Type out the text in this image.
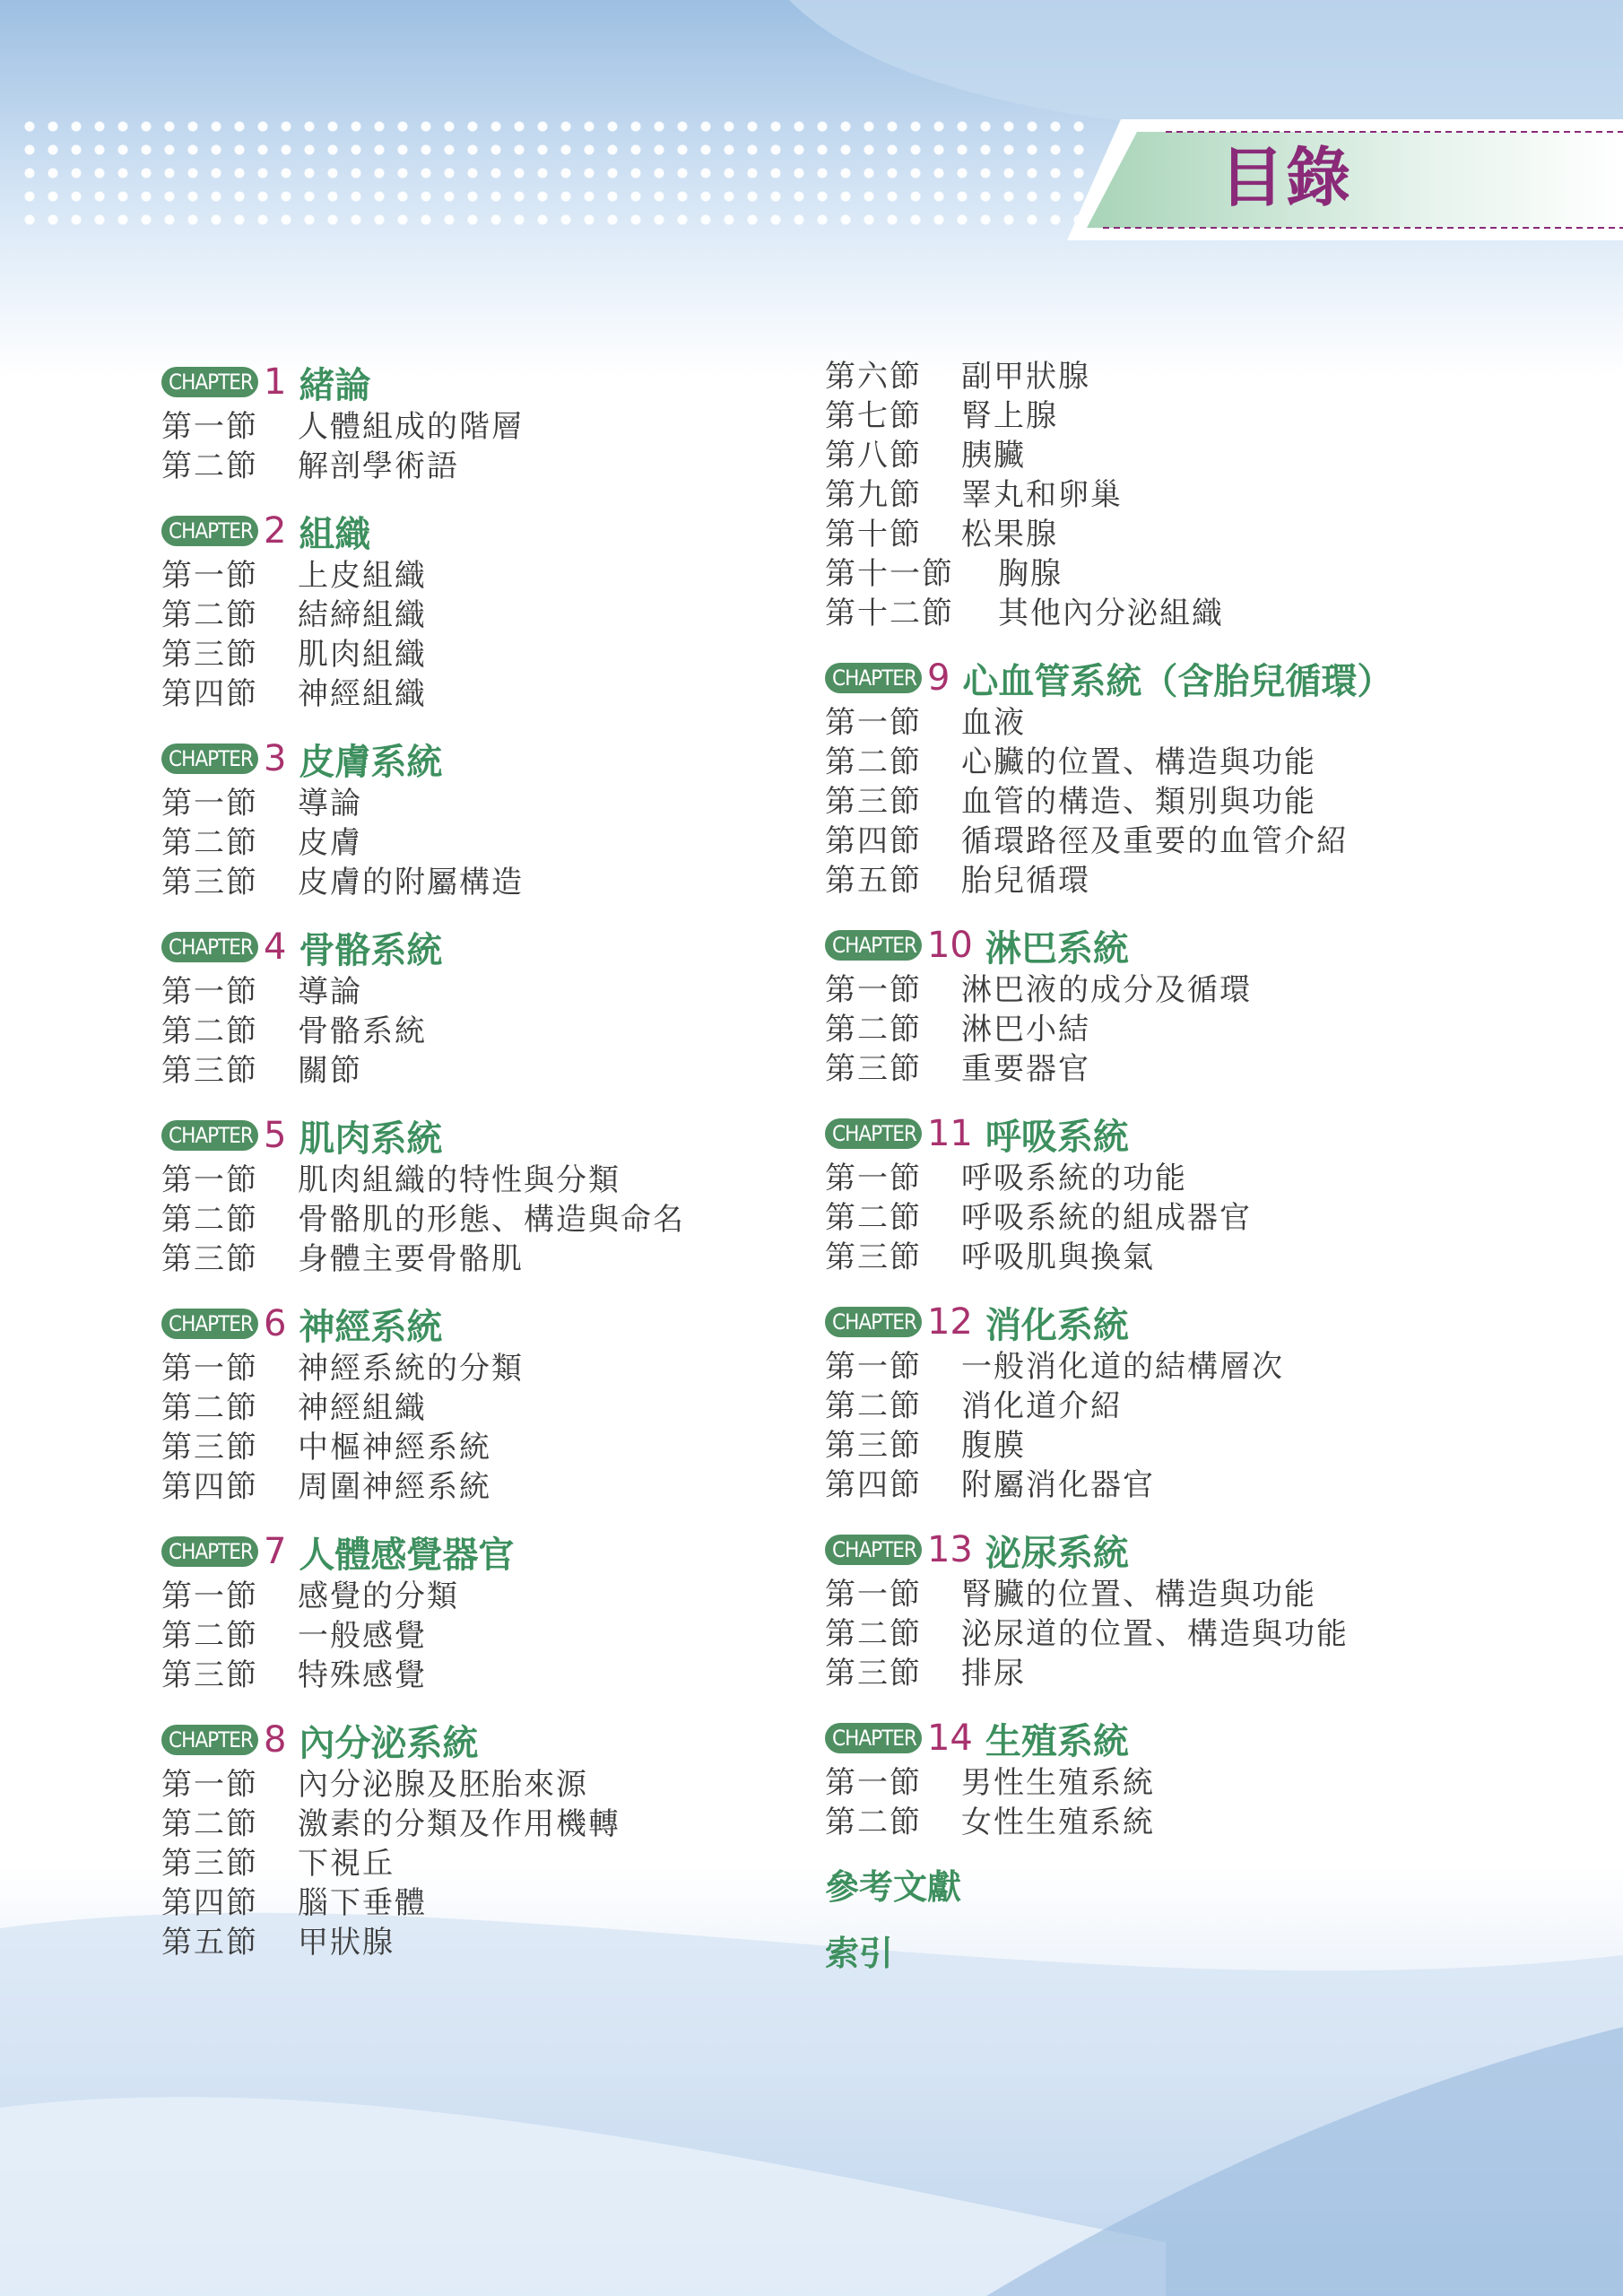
目錄
CHAPTER 1 緒論
第一節	人體組成的階層
第二節	解剖學術語
CHAPTER 2 組織
第一節	上皮組織
第二節	結締組織
第三節	肌肉組織
第四節	神經組織
CHAPTER 3 皮膚系統
第一節	導論
第二節	皮膚
第三節	皮膚的附屬構造
CHAPTER 4 骨骼系統
第一節	導論
第二節	骨骼系統
第三節	關節
CHAPTER 5 肌肉系統
第一節	肌肉組織的特性與分類
第二節	骨骼肌的形態、構造與命名
第三節	身體主要骨骼肌
CHAPTER 6 神經系統
第一節	神經系統的分類
第二節	神經組織
第三節	中樞神經系統
第四節	周圍神經系統
CHAPTER 7 人體感覺器官
第一節	感覺的分類
第二節	一般感覺
第三節	特殊感覺
CHAPTER 8 內分泌系統
第一節	內分泌腺及胚胎來源
第二節	激素的分類及作用機轉
第三節	下視丘
第四節	腦下垂體
第五節	甲狀腺
第六節	副甲狀腺
第七節	腎上腺
第八節	胰臟
第九節	睪丸和卵巢
第十節	松果腺
第十一節	胸腺
第十二節	其他內分泌組織
CHAPTER 9 心血管系統（含胎兒循環）
第一節	血液
第二節	心臟的位置、構造與功能
第三節	血管的構造、類別與功能
第四節	循環路徑及重要的血管介紹
第五節	胎兒循環
CHAPTER 10 淋巴系統
第一節	淋巴液的成分及循環
第二節	淋巴小結
第三節	重要器官
CHAPTER 11 呼吸系統
第一節	呼吸系統的功能
第二節	呼吸系統的組成器官
第三節	呼吸肌與換氣
CHAPTER 12 消化系統
第一節	一般消化道的結構層次
第二節	消化道介紹
第三節	腹膜
第四節	附屬消化器官
CHAPTER 13 泌尿系統
第一節	腎臟的位置、構造與功能
第二節	泌尿道的位置、構造與功能
第三節	排尿
CHAPTER 14 生殖系統
第一節	男性生殖系統
第二節	女性生殖系統
參考文獻
索引
